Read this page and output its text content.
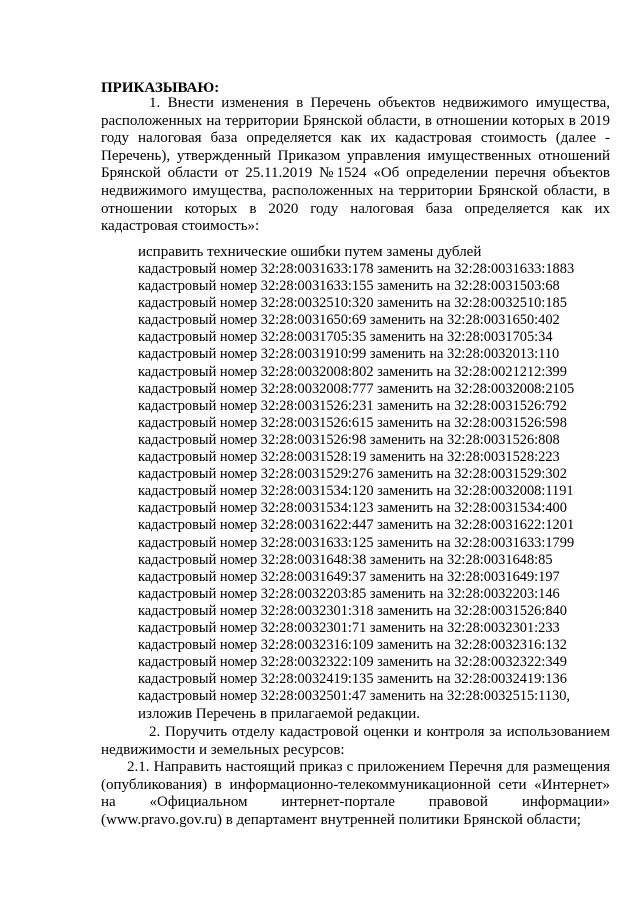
ПРИКАЗЫВАЮ:

1. Внести изменения в Перечень объектов недвижимого имущества, расположенных на территории Брянской области, в отношении которых в 2019 году налоговая база определяется как их кадастровая стоимость (далее - Перечень), утвержденный Приказом управления имущественных отношений Брянской области от 25.11.2019 №1524 «Об определении перечня объектов недвижимого имущества, расположенных на территории Брянской области, в отношении которых в 2020 году налоговая база определяется как их кадастровая стоимость»:

исправить технические ошибки путем замены дублей
кадастровый номер 32:28:0031633:178 заменить на 32:28:0031633:1883
кадастровый номер 32:28:0031633:155 заменить на 32:28:0031503:68
кадастровый номер 32:28:0032510:320 заменить на 32:28:0032510:185
кадастровый номер 32:28:0031650:69 заменить на 32:28:0031650:402
кадастровый номер 32:28:0031705:35 заменить на 32:28:0031705:34
кадастровый номер 32:28:0031910:99 заменить на 32:28:0032013:110
кадастровый номер 32:28:0032008:802 заменить на 32:28:0021212:399
кадастровый номер 32:28:0032008:777 заменить на 32:28:0032008:2105
кадастровый номер 32:28:0031526:231 заменить на 32:28:0031526:792
кадастровый номер 32:28:0031526:615 заменить на 32:28:0031526:598
кадастровый номер 32:28:0031526:98 заменить на 32:28:0031526:808
кадастровый номер 32:28:0031528:19 заменить на 32:28:0031528:223
кадастровый номер 32:28:0031529:276 заменить на 32:28:0031529:302
кадастровый номер 32:28:0031534:120 заменить на 32:28:0032008:1191
кадастровый номер 32:28:0031534:123 заменить на 32:28:0031534:400
кадастровый номер 32:28:0031622:447 заменить на 32:28:0031622:1201
кадастровый номер 32:28:0031633:125 заменить на 32:28:0031633:1799
кадастровый номер 32:28:0031648:38 заменить на 32:28:0031648:85
кадастровый номер 32:28:0031649:37 заменить на 32:28:0031649:197
кадастровый номер 32:28:0032203:85 заменить на 32:28:0032203:146
кадастровый номер 32:28:0032301:318 заменить на 32:28:0031526:840
кадастровый номер 32:28:0032301:71 заменить на 32:28:0032301:233
кадастровый номер 32:28:0032316:109 заменить на 32:28:0032316:132
кадастровый номер 32:28:0032322:109 заменить на 32:28:0032322:349
кадастровый номер 32:28:0032419:135 заменить на 32:28:0032419:136
кадастровый номер 32:28:0032501:47 заменить на 32:28:0032515:1130,
изложив Перечень в прилагаемой редакции.

2. Поручить отделу кадастровой оценки и контроля за использованием недвижимости и земельных ресурсов:

2.1. Направить настоящий приказ с приложением Перечня для размещения (опубликования) в информационно-телекоммуникационной сети «Интернет» на «Официальном интернет-портале правовой информации» (www.pravo.gov.ru) в департамент внутренней политики Брянской области;
